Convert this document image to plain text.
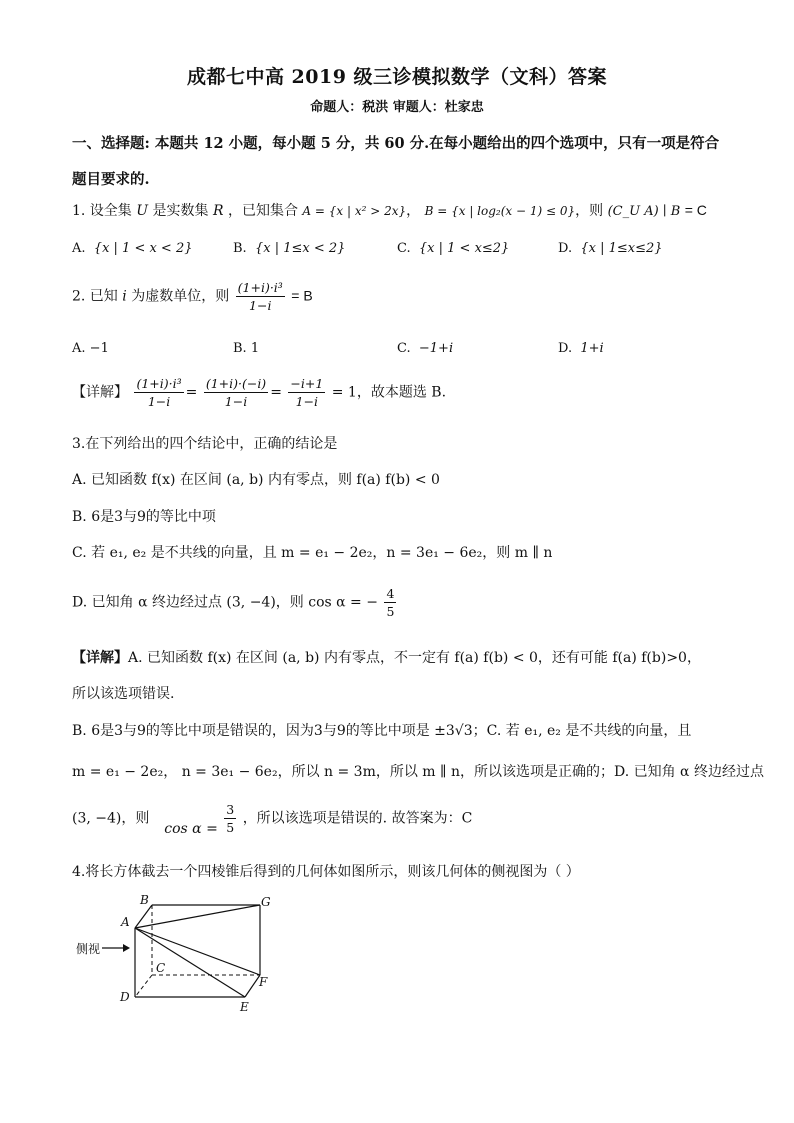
成都七中高 2019 级三诊模拟数学（文科）答案
命题人：税洪 审题人：杜家忠
一、选择题: 本题共 12 小题，每小题 5 分，共 60 分.在每小题给出的四个选项中，只有一项是符合题目要求的.
1. 设全集 U 是实数集 R ，已知集合 A = {x | x² > 2x}， B = {x | log₂(x − 1) ≤ 0}，则 (C_U A) ∣ B = C
A. {x | 1 < x < 2}	B. {x | 1≤x < 2}	C. {x | 1 < x≤2}	D. {x | 1≤x≤2}
2. 已知 i 为虚数单位，则 $\frac{\text{(1+i)·i³}}{1-i} = B$
A. −1	B. 1	C. −1+i	D. 1+i
【详解】 $\frac{\text{(1+i)·i³}}{1-i} = \frac{(1+i)\cdot(-i)}{1-i} = \frac{-i+1}{1-i} = 1$，故本题选 B.
3.在下列给出的四个结论中，正确的结论是
A. 已知函数 f(x) 在区间 (a, b) 内有零点，则 f(a) f(b) < 0
B. 6是3与9的等比中项
C. 若 e₁, e₂ 是不共线的向量，且 m = e₁ − 2e₂，n = 3e₁ − 6e₂，则 m ∥ n
D. 已知角 α 终边经过点 (3, −4)，则 cos α = − $\frac{4}{5}$
【详解】A. 已知函数 f(x) 在区间 (a, b) 内有零点，不一定有 f(a) f(b) < 0，还有可能 f(a) f(b)>0，
所以该选项错误.
B. 6是3与9的等比中项是错误的，因为3与9的等比中项是 ±3√3；C. 若 e₁, e₂ 是不共线的向量，且
m = e₁ − 2e₂， n = 3e₁ − 6e₂，所以 n = 3m，所以 m ∥ n，所以该选项是正确的；D. 已知角 α 终边经过点
(3, −4)，则  $\cos \alpha = \frac{3}{5}$ ，所以该选项是错误的. 故答案为：C
4.将长方体截去一个四棱锥后得到的几何体如图所示，则该几何体的侧视图为（ ）
侧视
A
B
C
D
E
F
G
